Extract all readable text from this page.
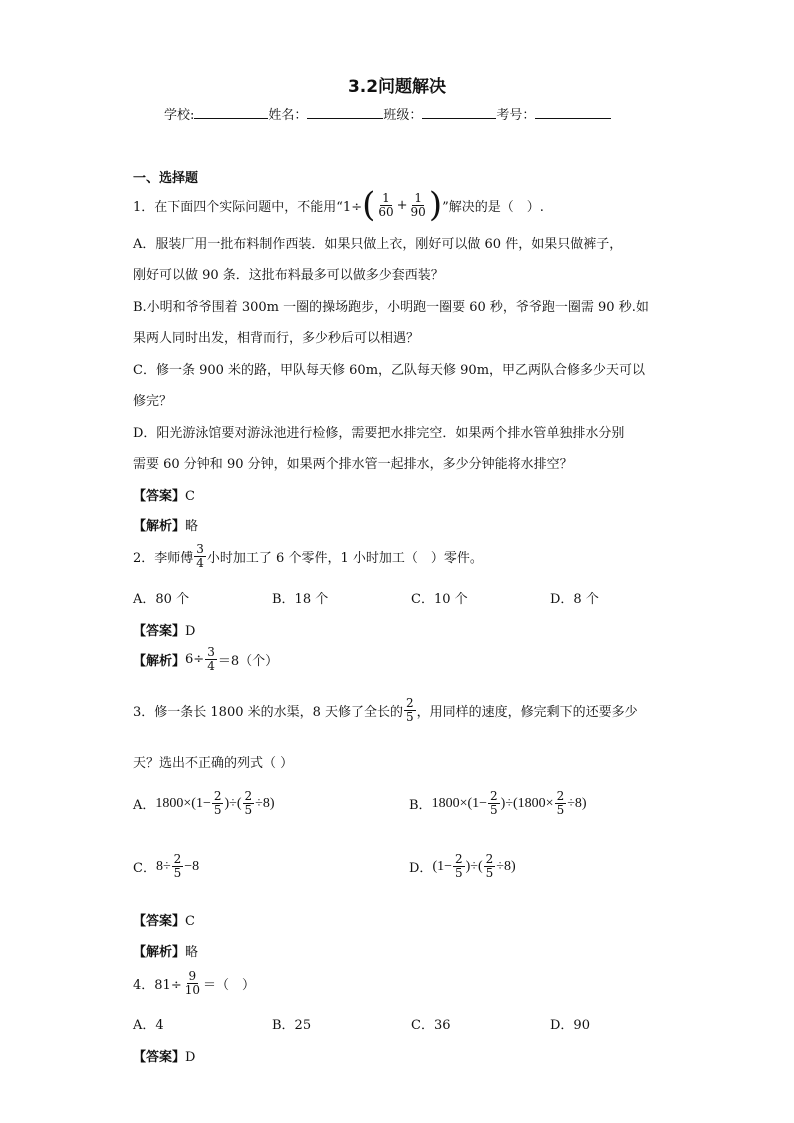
3.2问题解决
学校:	姓名：	班级：	考号：
一、选择题
1．在下面四个实际问题中，不能用“1÷ ( $\frac{1}{60} + \frac{1}{90}$ ) ”解决的是（　）.
A．服装厂用一批布料制作西装．如果只做上衣，刚好可以做 60 件，如果只做裤子，
刚好可以做 90 条．这批布料最多可以做多少套西装？
B.小明和爷爷围着 300m 一圈的操场跑步，小明跑一圈要 60 秒，爷爷跑一圈需 90 秒.如
果两人同时出发，相背而行，多少秒后可以相遇？
C．修一条 900 米的路，甲队每天修 60m，乙队每天修 90m，甲乙两队合修多少天可以
修完？
D．阳光游泳馆要对游泳池进行检修，需要把水排完空．如果两个排水管单独排水分别
需要 60 分钟和 90 分钟，如果两个排水管一起排水，多少分钟能将水排空？
【答案】C
【解析】略
2．李师傅 $\frac{3}{4}$ 小时加工了 6 个零件，1 小时加工（　）零件。
A．80 个	B．18 个	C．10 个	D．8 个
【答案】D
【解析】 $6\div \frac{3}{4} =8$（个）
3．修一条长 1800 米的水渠，8 天修了全长的 $\frac{2}{5}$ ，用同样的速度，修完剩下的还要多少
天？选出不正确的列式（ ）
A． $1800\times(1- \frac{2}{5}$ )÷( $\frac{2}{5} \div 8$)	B． $1800\times(1- \frac{2}{5} )\div(1800\times \frac{2}{5} \div 8)$
C． $8\div \frac{2}{5} -8$	D． ($1- \frac{2}{5}$ )÷( $\frac{2}{5} \div 8$)
【答案】C
【解析】略
4．$81\div \frac{9}{10}$ ＝（　）
A．4	B．25	C．36	D．90
【答案】D
